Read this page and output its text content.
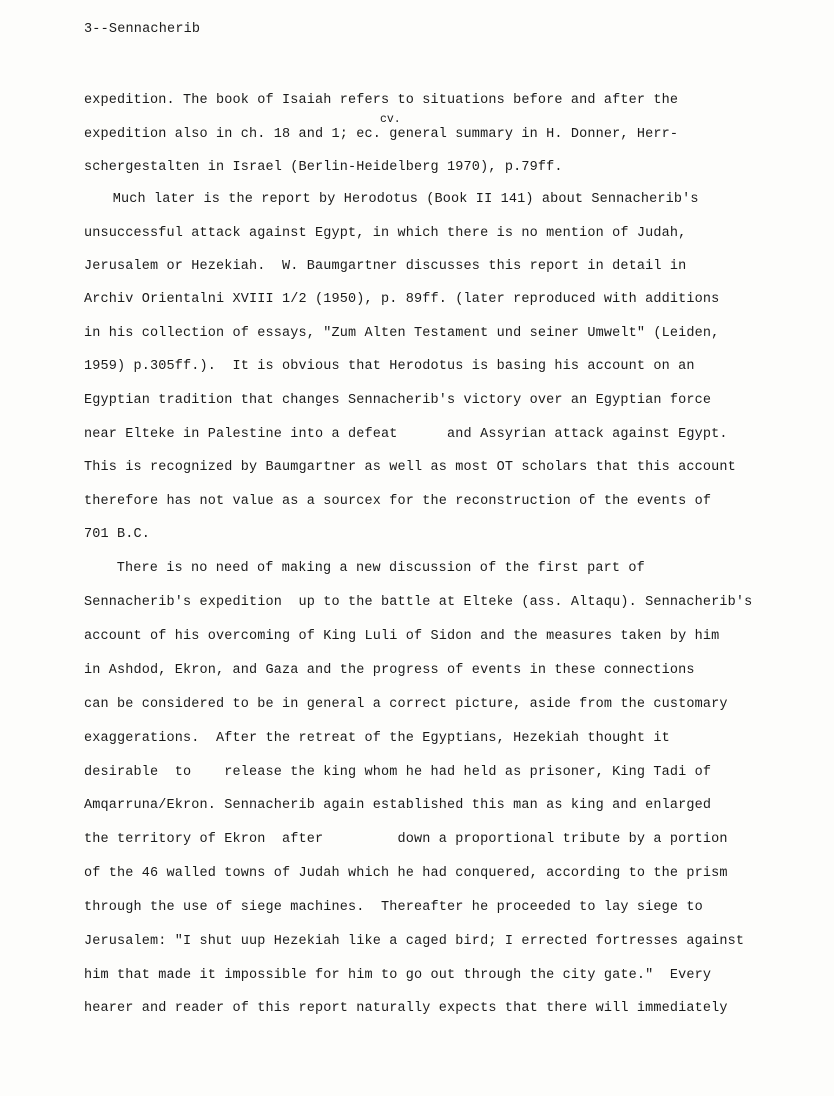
3--Sennacherib
cv.
expedition. The book of Isaiah refers to situations before and after the
expedition also in ch. 18 and 1; ec. general summary in H. Donner, Herr-
schergestalten in Israel (Berlin-Heidelberg 1970), p.79ff.
Much later is the report by Herodotus (Book II 141) about Sennacherib's
unsuccessful attack against Egypt, in which there is no mention of Judah,
Jerusalem or Hezekiah.  W. Baumgartner discusses this report in detail in
Archiv Orientalni XVIII 1/2 (1950), p. 89ff. (later reproduced with additions
in his collection of essays, "Zum Alten Testament und seiner Umwelt" (Leiden,
1959) p.305ff.).  It is obvious that Herodotus is basing his account on an
Egyptian tradition that changes Sennacherib's victory over an Egyptian force
near Elteke in Palestine into a defeat      and Assyrian attack against Egypt.
This is recognized by Baumgartner as well as most OT scholars that this account
therefore has not value as a sourcex for the reconstruction of the events of
701 B.C.
There is no need of making a new discussion of the first part of
Sennacherib's expedition  up to the battle at Elteke (ass. Altaqu). Sennacherib's
account of his overcoming of King Luli of Sidon and the measures taken by him
in Ashdod, Ekron, and Gaza and the progress of events in these connections
can be considered to be in general a correct picture, aside from the customary
exaggerations.  After the retreat of the Egyptians, Hezekiah thought it
desirable  to    release the king whom he had held as prisoner, King Tadi of
Amqarruna/Ekron. Sennacherib again established this man as king and enlarged
the territory of Ekron  after         down a proportional tribute by a portion
of the 46 walled towns of Judah which he had conquered, according to the prism
through the use of siege machines.  Thereafter he proceeded to lay siege to
Jerusalem: "I shut uup Hezekiah like a caged bird; I errected fortresses against
him that made it impossible for him to go out through the city gate."  Every
hearer and reader of this report naturally expects that there will immediately
